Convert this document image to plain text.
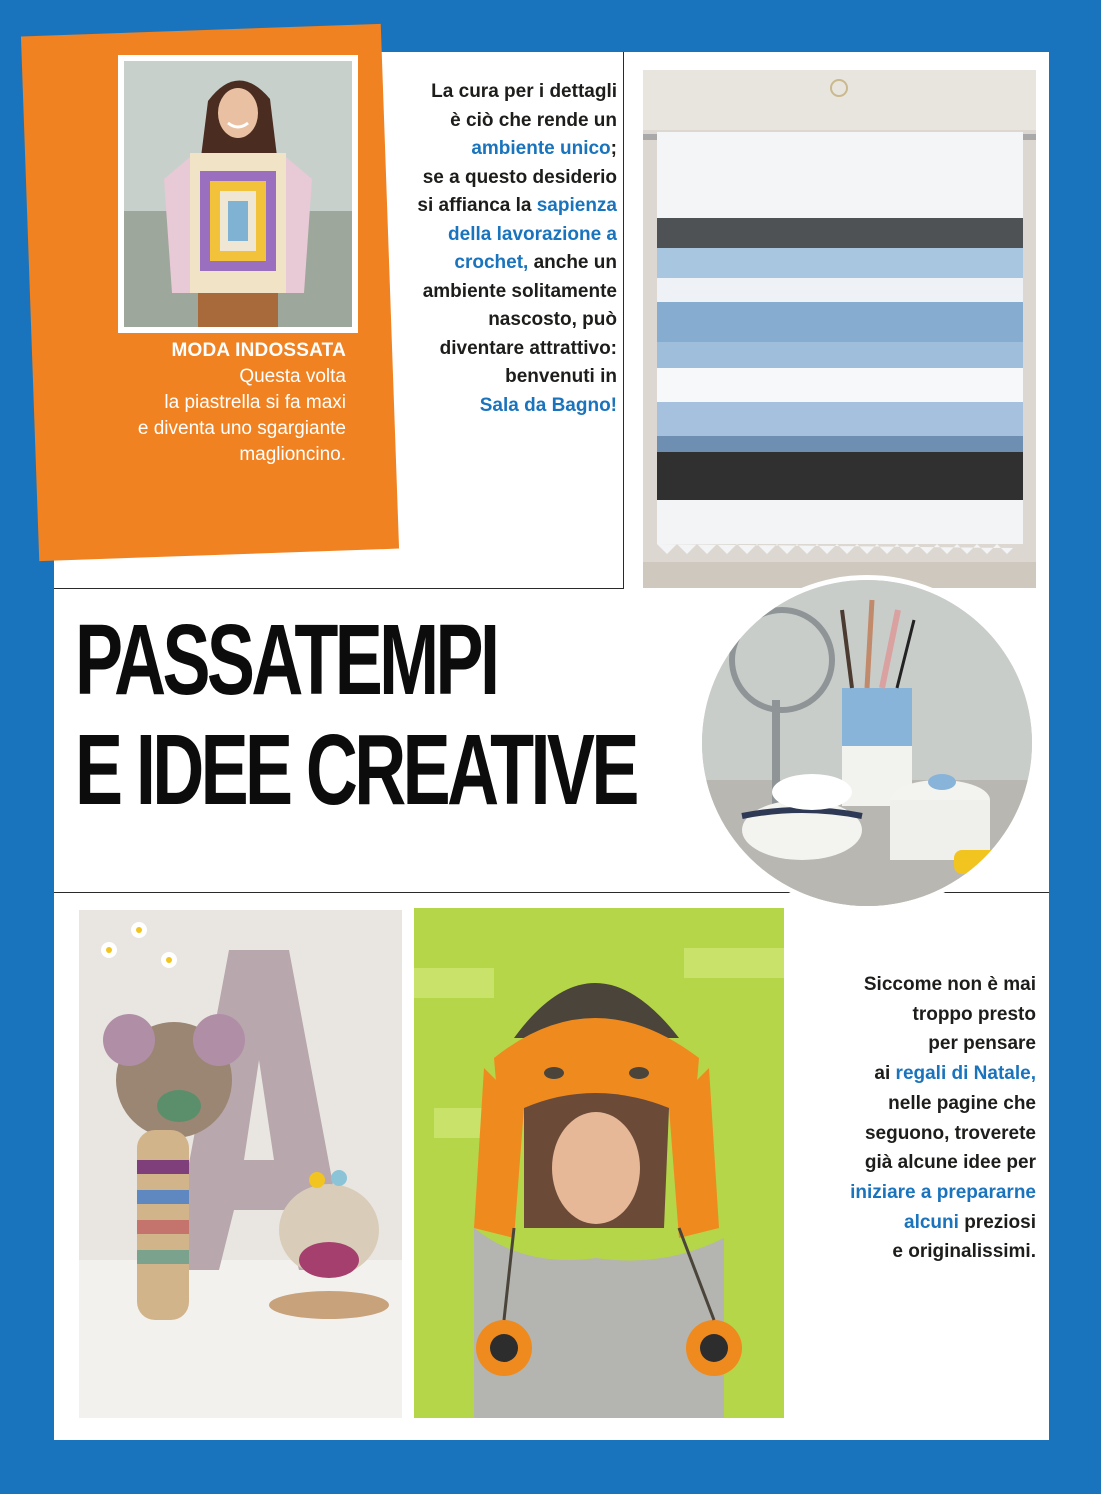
MODA INDOSSATA
Questa volta
la piastrella si fa maxi
e diventa uno sgargiante
maglioncino.
La cura per i dettagli
è ciò che rende un
ambiente unico;
se a questo desiderio
si affianca la sapienza
della lavorazione a
crochet, anche un
ambiente solitamente
nascosto, può
diventare attrattivo:
benvenuti in
Sala da Bagno!
PASSATEMPI
E IDEE CREATIVE
Siccome non è mai
troppo presto
per pensare
ai regali di Natale,
nelle pagine che
seguono, troverete
già alcune idee per
iniziare a prepararne
alcuni preziosi
e originalissimi.
